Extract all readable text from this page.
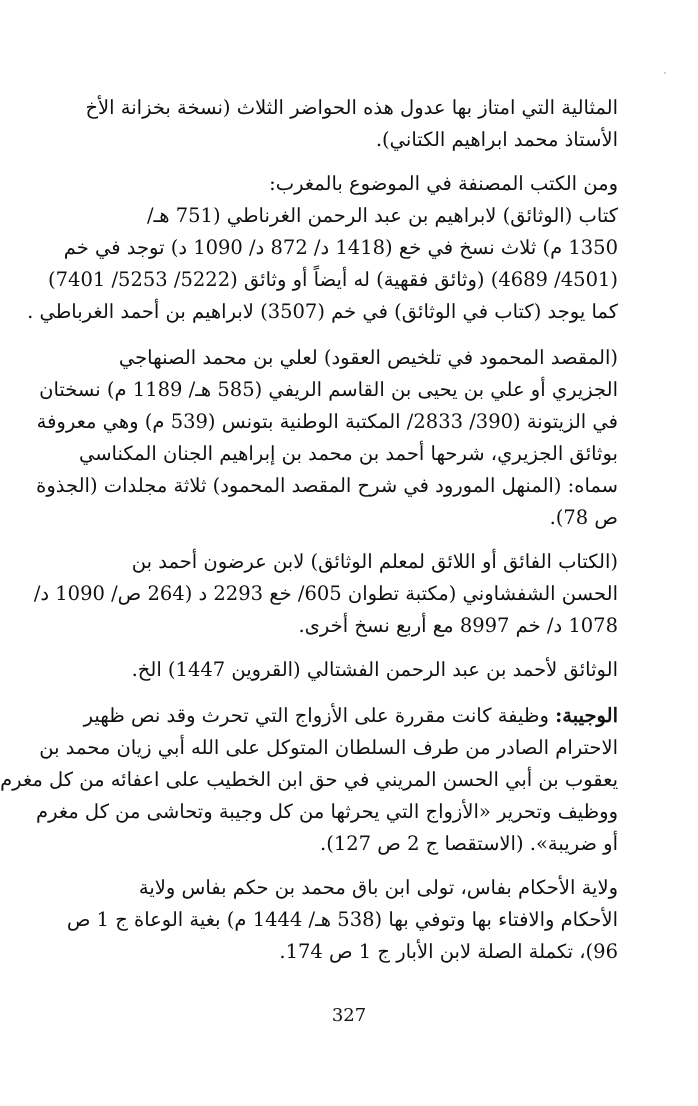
المثالية التي امتاز بها عدول هذه الحواضر الثلاث (نسخة بخزانة الأخ
الأستاذ محمد ابراهيم الكتاني).

ومن الكتب المصنفة في الموضوع بالمغرب:
كتاب (الوثائق) لابراهيم بن عبد الرحمن الغرناطي (751 هـ/
1350 م) ثلاث نسخ في خع (1418 د/ 872 د/ 1090 د) توجد في خم
(4501/ 4689) (وثائق فقهية) له أيضاً أو وثائق (5222/ 5253/ 7401)
كما يوجد (كتاب في الوثائق) في خم (3507) لابراهيم بن أحمد الغرباطي .

(المقصد المحمود في تلخيص العقود) لعلي بن محمد الصنهاجي
الجزيري أو علي بن يحيى بن القاسم الريفي (585 هـ/ 1189 م) نسختان
في الزيتونة (390/ 2833/ المكتبة الوطنية بتونس (539 م) وهي معروفة
بوثائق الجزيري، شرحها أحمد بن محمد بن إبراهيم الجنان المكناسي
سماه: (المنهل المورود في شرح المقصد المحمود) ثلاثة مجلدات (الجذوة
ص 78).

(الكتاب الفائق أو اللائق لمعلم الوثائق) لابن عرضون أحمد بن
الحسن الشفشاوني (مكتبة تطوان 605/ خع 2293 د (264 ص/ 1090 د/
1078 د/ خم 8997 مع أربع نسخ أخرى.

الوثائق لأحمد بن عبد الرحمن الفشتالي (القروين 1447) الخ.

الوجيبة: وظيفة كانت مقررة على الأزواج التي تحرث وقد نص ظهير
الاحترام الصادر من طرف السلطان المتوكل على الله أبي زيان محمد بن
يعقوب بن أبي الحسن المريني في حق ابن الخطيب على اعفائه من كل مغرم
ووظيف وتحرير «الأزواج التي يحرثها من كل وجيبة وتحاشى من كل مغرم
أو ضريبة». (الاستقصا ج 2 ص 127).

ولاية الأحكام بفاس، تولى ابن باق محمد بن حكم بفاس ولاية
الأحكام والافتاء بها وتوفي بها (538 هـ/ 1444 م) بغية الوعاة ج 1 ص
96)، تكملة الصلة لابن الأبار ج 1 ص 174.

327
